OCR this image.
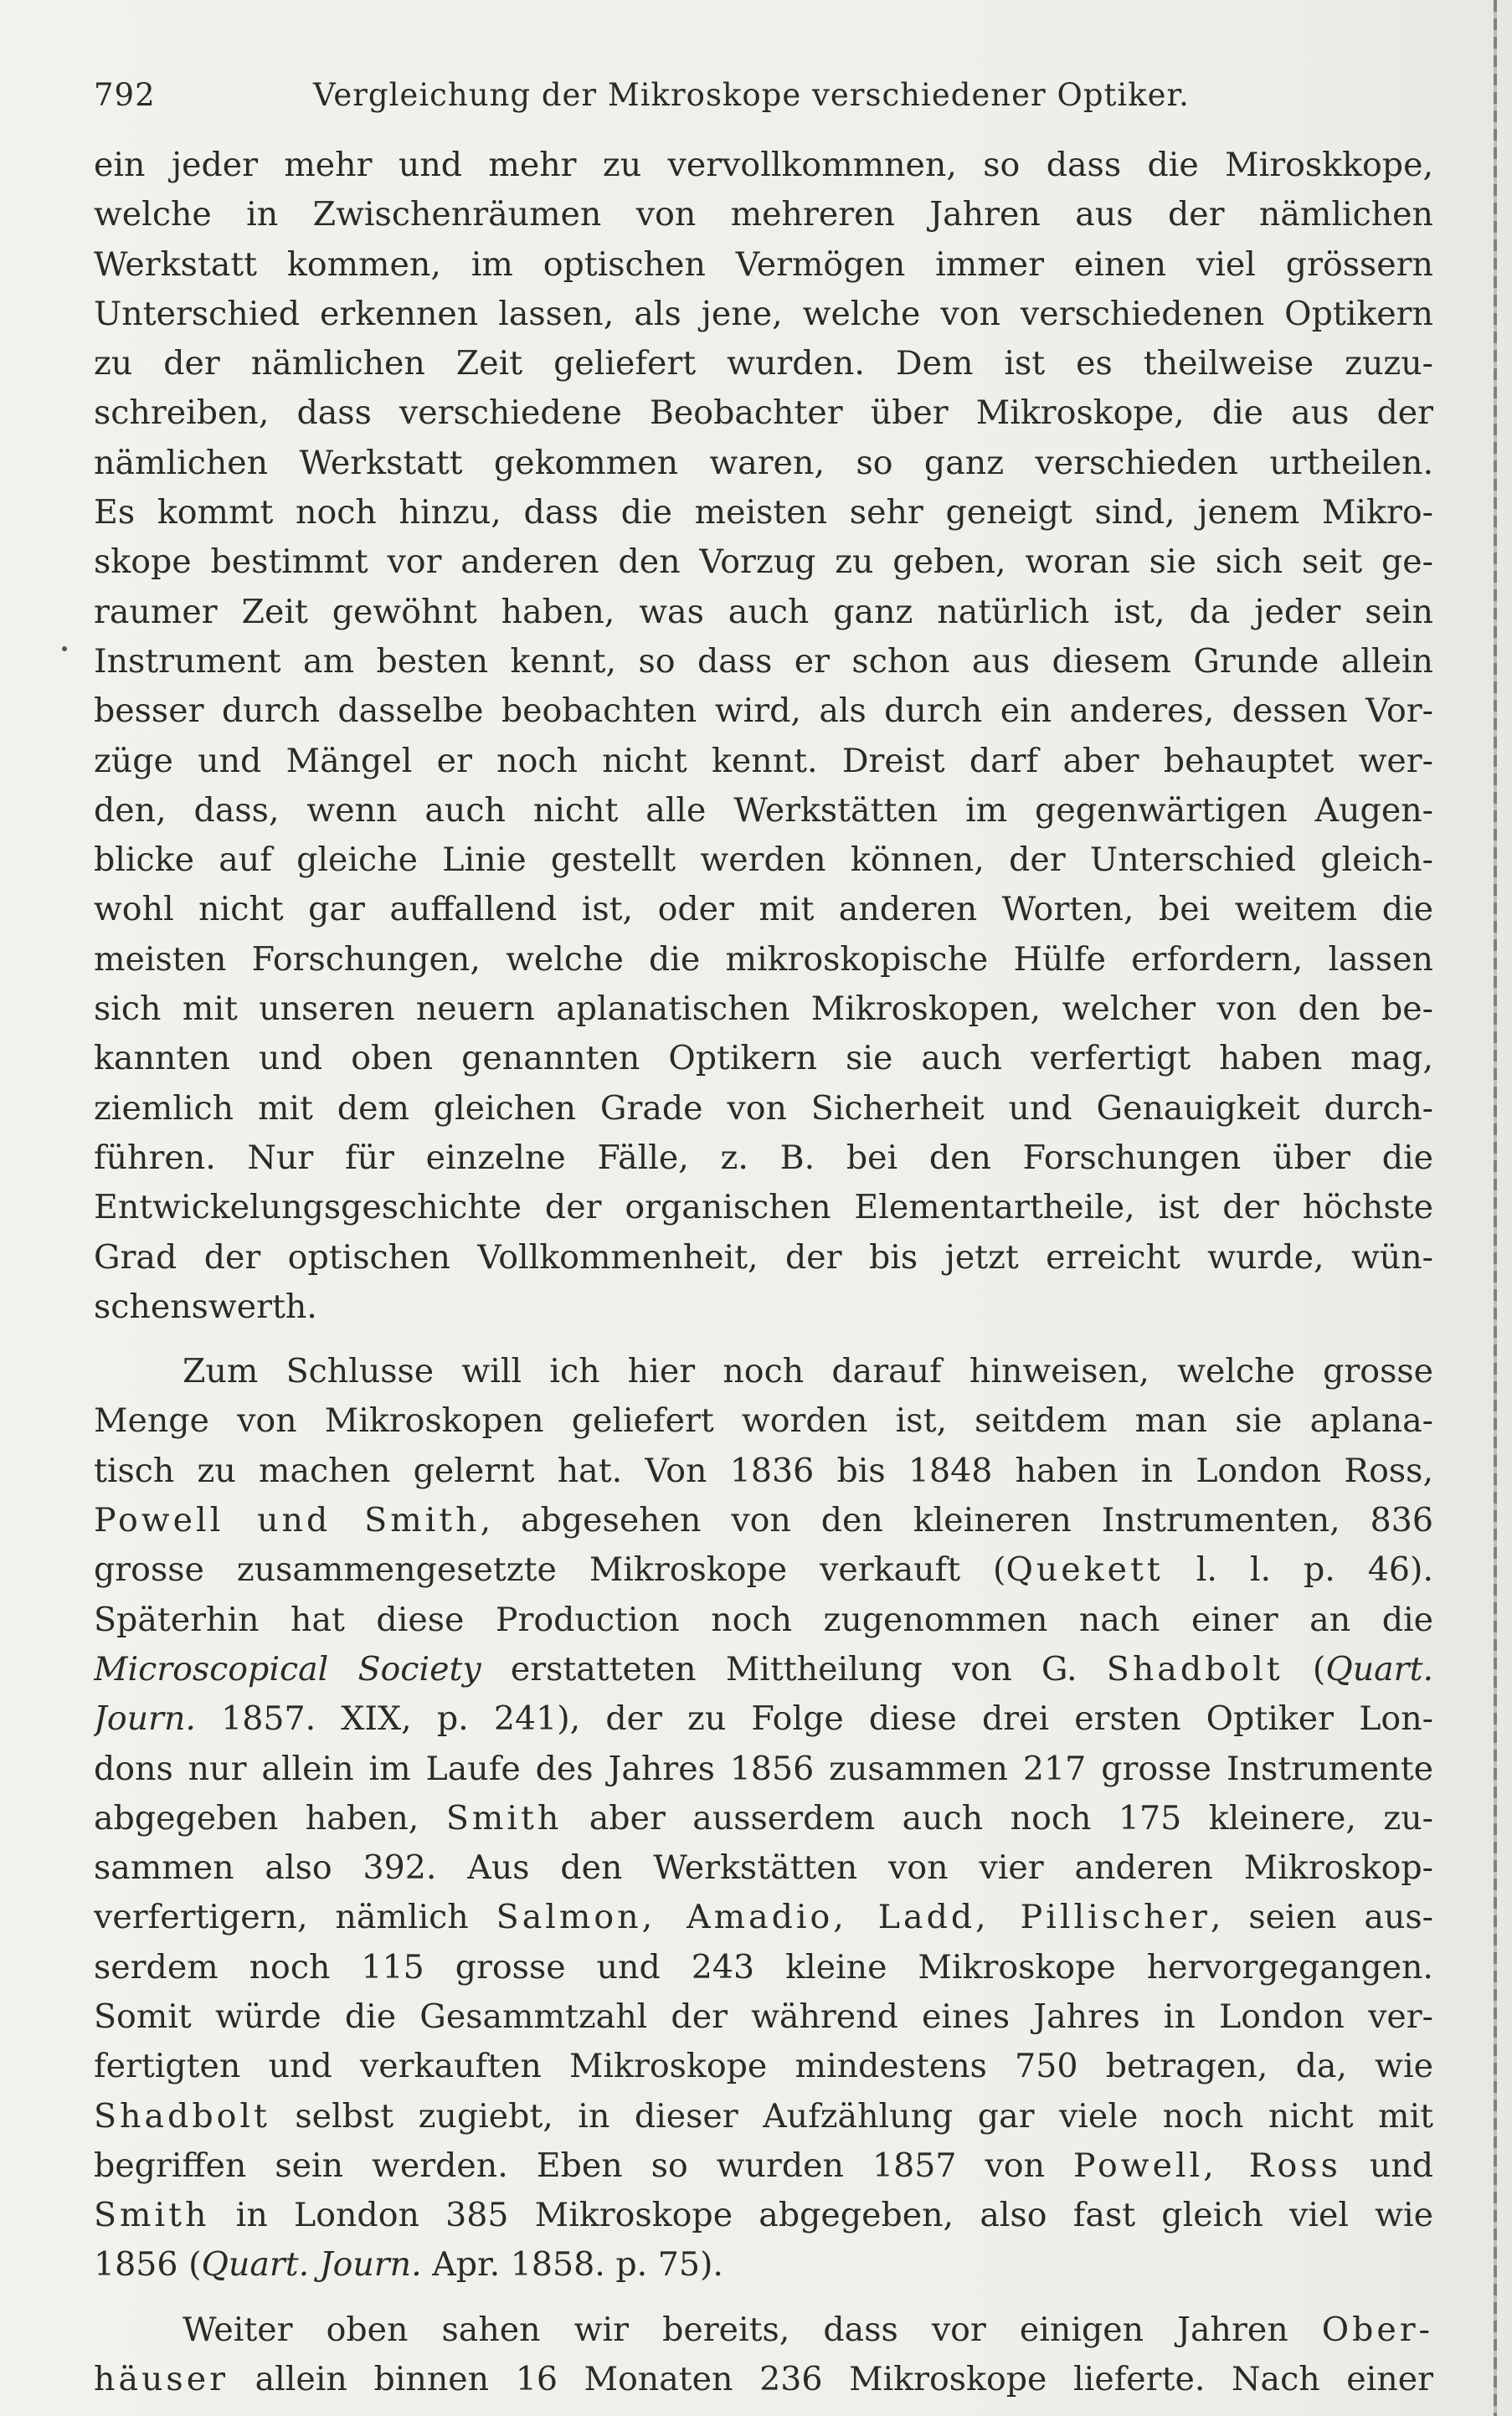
792	Vergleichung der Mikroskope verschiedener Optiker.
ein jeder mehr und mehr zu vervollkommnen, so dass die Miroskkope,
welche in Zwischenräumen von mehreren Jahren aus der nämlichen
Werkstatt kommen, im optischen Vermögen immer einen viel grössern
Unterschied erkennen lassen, als jene, welche von verschiedenen Optikern
zu der nämlichen Zeit geliefert wurden. Dem ist es theilweise zuzu-
schreiben, dass verschiedene Beobachter über Mikroskope, die aus der
nämlichen Werkstatt gekommen waren, so ganz verschieden urtheilen.
Es kommt noch hinzu, dass die meisten sehr geneigt sind, jenem Mikro-
skope bestimmt vor anderen den Vorzug zu geben, woran sie sich seit ge-
raumer Zeit gewöhnt haben, was auch ganz natürlich ist, da jeder sein
Instrument am besten kennt, so dass er schon aus diesem Grunde allein
besser durch dasselbe beobachten wird, als durch ein anderes, dessen Vor-
züge und Mängel er noch nicht kennt. Dreist darf aber behauptet wer-
den, dass, wenn auch nicht alle Werkstätten im gegenwärtigen Augen-
blicke auf gleiche Linie gestellt werden können, der Unterschied gleich-
wohl nicht gar auffallend ist, oder mit anderen Worten, bei weitem die
meisten Forschungen, welche die mikroskopische Hülfe erfordern, lassen
sich mit unseren neuern aplanatischen Mikroskopen, welcher von den be-
kannten und oben genannten Optikern sie auch verfertigt haben mag,
ziemlich mit dem gleichen Grade von Sicherheit und Genauigkeit durch-
führen. Nur für einzelne Fälle, z. B. bei den Forschungen über die
Entwickelungsgeschichte der organischen Elementartheile, ist der höchste
Grad der optischen Vollkommenheit, der bis jetzt erreicht wurde, wün-
schenswerth.
Zum Schlusse will ich hier noch darauf hinweisen, welche grosse
Menge von Mikroskopen geliefert worden ist, seitdem man sie aplana-
tisch zu machen gelernt hat. Von 1836 bis 1848 haben in London Ross,
Powell und Smith, abgesehen von den kleineren Instrumenten, 836
grosse zusammengesetzte Mikroskope verkauft (Quekett l. l. p. 46).
Späterhin hat diese Production noch zugenommen nach einer an die
Microscopical Society erstatteten Mittheilung von G. Shadbolt (Quart.
Journ. 1857. XIX, p. 241), der zu Folge diese drei ersten Optiker Lon-
dons nur allein im Laufe des Jahres 1856 zusammen 217 grosse Instrumente
abgegeben haben, Smith aber ausserdem auch noch 175 kleinere, zu-
sammen also 392. Aus den Werkstätten von vier anderen Mikroskop-
verfertigern, nämlich Salmon, Amadio, Ladd, Pillischer, seien aus-
serdem noch 115 grosse und 243 kleine Mikroskope hervorgegangen.
Somit würde die Gesammtzahl der während eines Jahres in London ver-
fertigten und verkauften Mikroskope mindestens 750 betragen, da, wie
Shadbolt selbst zugiebt, in dieser Aufzählung gar viele noch nicht mit
begriffen sein werden. Eben so wurden 1857 von Powell, Ross und
Smith in London 385 Mikroskope abgegeben, also fast gleich viel wie
1856 (Quart. Journ. Apr. 1858. p. 75).
Weiter oben sahen wir bereits, dass vor einigen Jahren Ober-
häuser allein binnen 16 Monaten 236 Mikroskope lieferte. Nach einer
